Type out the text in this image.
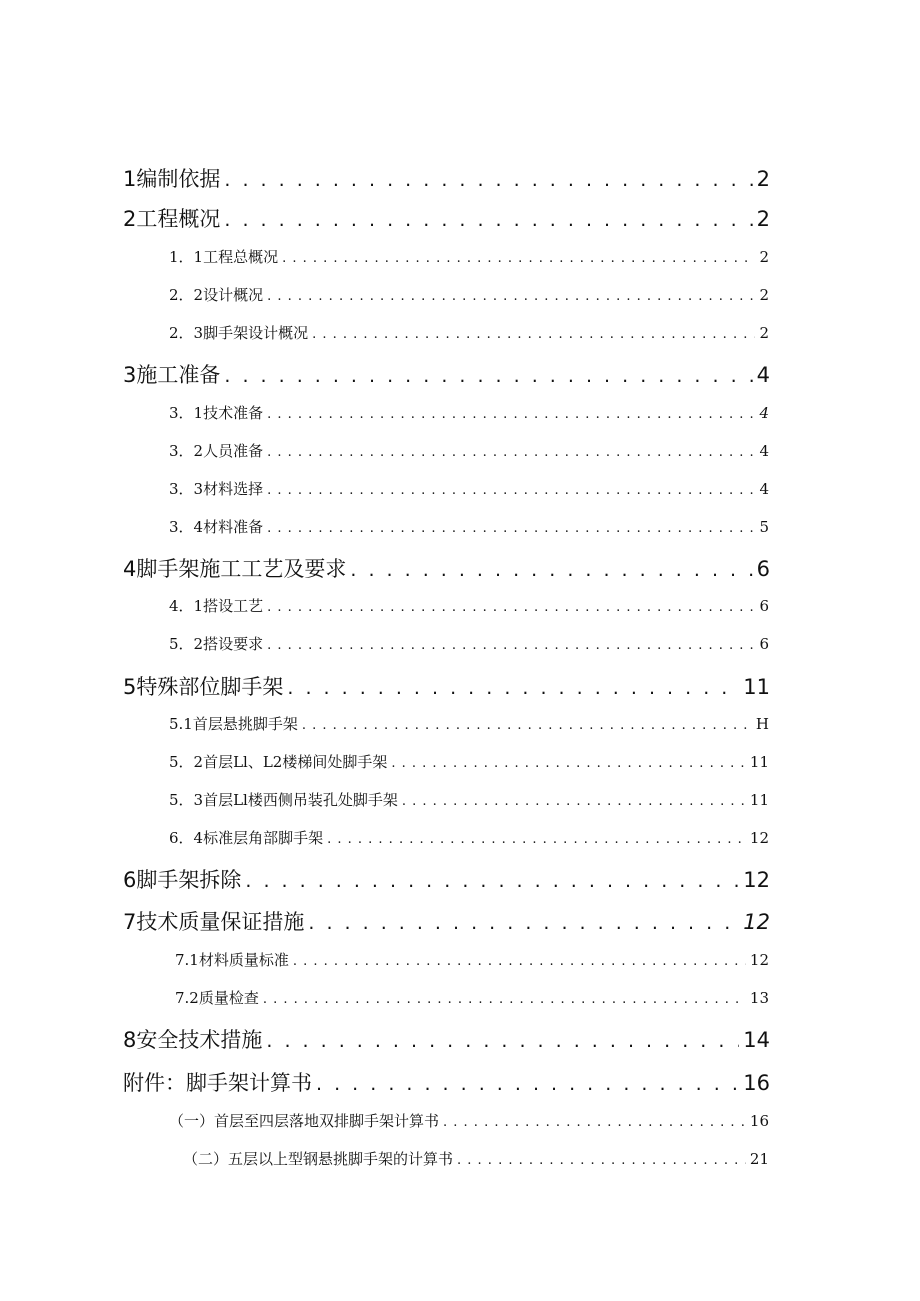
1编制依据 . . .	2
2工程概况 . . .	2
1．1工程总概况 . . .	2
2．2设计概况 . . .	2
2．3脚手架设计概况 . . .	2
3施工准备 . . .	4
3．1技术准备 . . .	4
3．2人员准备 . . .	4
3．3材料选择 . . .	4
3．4材料准备 . . .	5
4脚手架施工工艺及要求 . . .	6
4．1搭设工艺 . . .	6
5．2搭设要求 . . .	6
5特殊部位脚手架 . . .	11
5.1首层悬挑脚手架 . . .	H
5．2首层Ll、L2楼梯间处脚手架 . . .	11
5．3首层Ll楼西侧吊装孔处脚手架 . . .	11
6．4标准层角部脚手架 . . .	12
6脚手架拆除 . . .	12
7技术质量保证措施 . . .	12
7.1材料质量标准 . . .	12
7.2质量检查 . . .	13
8安全技术措施 . . .	14
附件：脚手架计算书 . . .	16
（一）首层至四层落地双排脚手架计算书 . . .	16
（二）五层以上型钢悬挑脚手架的计算书 . . .	21
